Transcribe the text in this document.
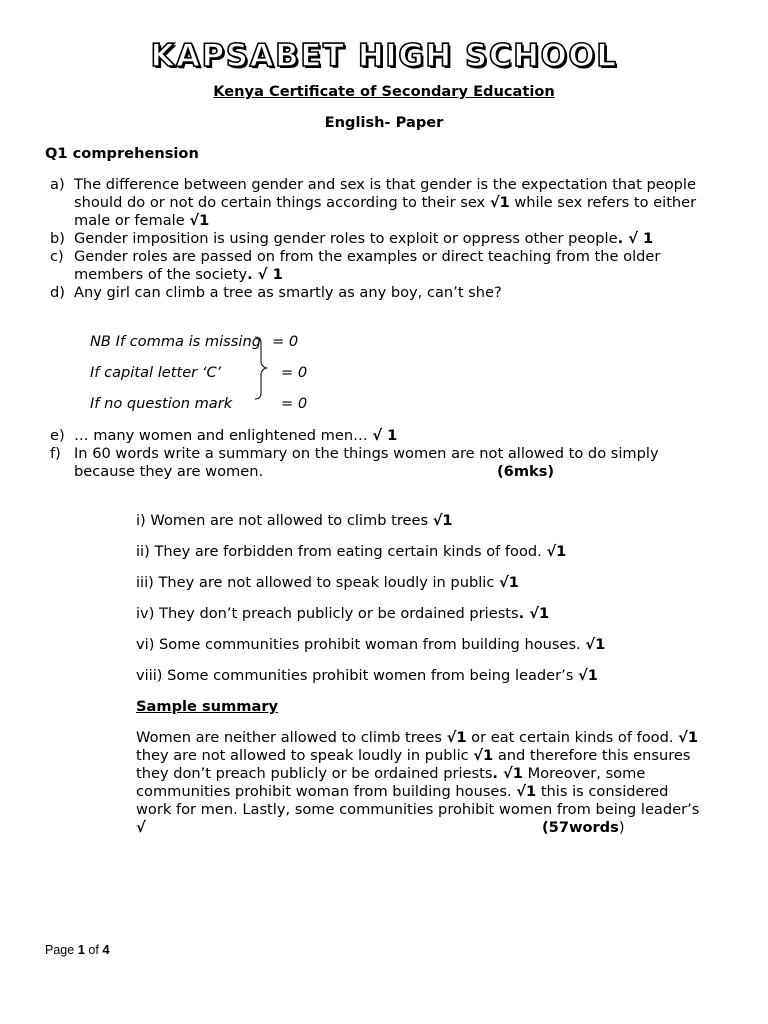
KAPSABET HIGH SCHOOL
Kenya Certificate of Secondary Education
English- Paper
Q1 comprehension
a) The difference between gender and sex is that gender is the expectation that people
should do or not do certain things according to their sex √1 while sex refers to either
male or female √1
b) Gender imposition is using gender roles to exploit or oppress other people. √ 1
c) Gender roles are passed on from the examples or direct teaching from the older
members of the society. √ 1
d) Any girl can climb a tree as smartly as any boy, can’t she?
NB If comma is missing = 0
If capital letter ‘C’	= 0
If no question mark	= 0
e) … many women and enlightened men… √ 1
f) In 60 words write a summary on the things women are not allowed to do simply
because they are women.	(6mks)
i) Women are not allowed to climb trees √1
ii) They are forbidden from eating certain kinds of food. √1
iii) They are not allowed to speak loudly in public √1
iv) They don’t preach publicly or be ordained priests. √1
vi) Some communities prohibit woman from building houses. √1
viii) Some communities prohibit women from being leader’s √1
Sample summary
Women are neither allowed to climb trees √1 or eat certain kinds of food. √1
they are not allowed to speak loudly in public √1 and therefore this ensures
they don’t preach publicly or be ordained priests. √1 Moreover, some
communities prohibit woman from building houses. √1 this is considered
work for men. Lastly, some communities prohibit women from being leader’s
√	(57words)
Page 1 of 4
